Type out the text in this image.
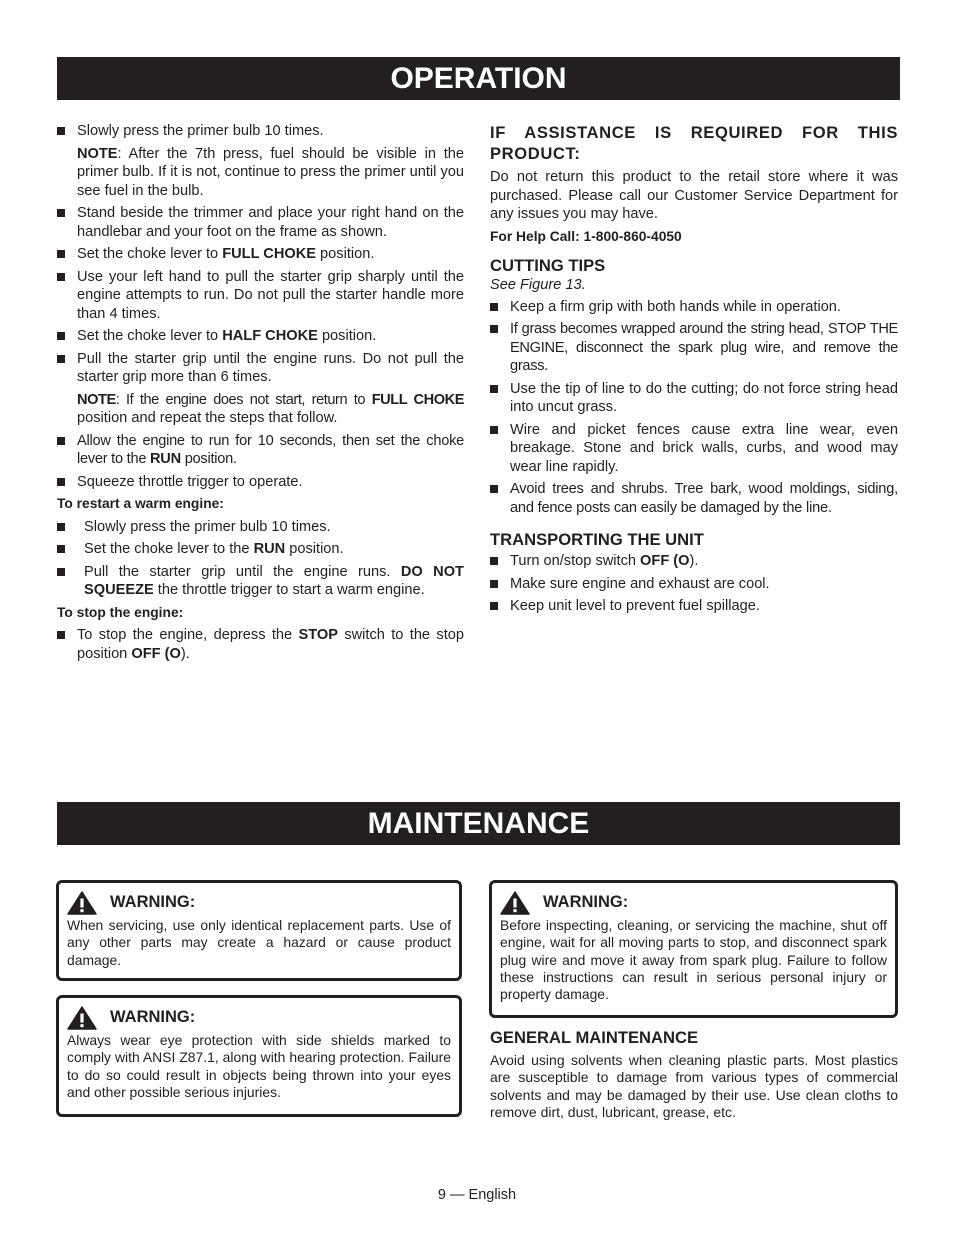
OPERATION
Slowly press the primer bulb 10 times.
NOTE: After the 7th press, fuel should be visible in the primer bulb. If it is not, continue to press the primer until you see fuel in the bulb.
Stand beside the trimmer and place your right hand on the handlebar and your foot on the frame as shown.
Set the choke lever to FULL CHOKE position.
Use your left hand to pull the starter grip sharply until the engine attempts to run. Do not pull the starter handle more than 4 times.
Set the choke lever to HALF CHOKE position.
Pull the starter grip until the engine runs. Do not pull the starter grip more than 6 times.
NOTE: If the engine does not start, return to FULL CHOKE position and repeat the steps that follow.
Allow the engine to run for 10 seconds, then set the choke lever to the RUN position.
Squeeze throttle trigger to operate.
To restart a warm engine:
Slowly press the primer bulb 10 times.
Set the choke lever to the RUN position.
Pull the starter grip until the engine runs. DO NOT SQUEEZE the throttle trigger to start a warm engine.
To stop the engine:
To stop the engine, depress the STOP switch to the stop position OFF (O).
IF ASSISTANCE IS REQUIRED FOR THIS PRODUCT:
Do not return this product to the retail store where it was purchased. Please call our Customer Service Department for any issues you may have.
For Help Call: 1-800-860-4050
CUTTING TIPS
See Figure 13.
Keep a firm grip with both hands while in operation.
If grass becomes wrapped around the string head, STOP THE ENGINE, disconnect the spark plug wire, and remove the grass.
Use the tip of line to do the cutting; do not force string head into uncut grass.
Wire and picket fences cause extra line wear, even breakage. Stone and brick walls, curbs, and wood may wear line rapidly.
Avoid trees and shrubs. Tree bark, wood moldings, siding, and fence posts can easily be damaged by the line.
TRANSPORTING THE UNIT
Turn on/stop switch OFF (O).
Make sure engine and exhaust are cool.
Keep unit level to prevent fuel spillage.
MAINTENANCE
WARNING:
When servicing, use only identical replacement parts. Use of any other parts may create a hazard or cause product damage.
WARNING:
Always wear eye protection with side shields marked to comply with ANSI Z87.1, along with hearing protection. Failure to do so could result in objects being thrown into your eyes and other possible serious injuries.
WARNING:
Before inspecting, cleaning, or servicing the machine, shut off engine, wait for all moving parts to stop, and disconnect spark plug wire and move it away from spark plug. Failure to follow these instructions can result in serious personal injury or property damage.
GENERAL MAINTENANCE
Avoid using solvents when cleaning plastic parts. Most plastics are susceptible to damage from various types of commercial solvents and may be damaged by their use. Use clean cloths to remove dirt, dust, lubricant, grease, etc.
9 — English
